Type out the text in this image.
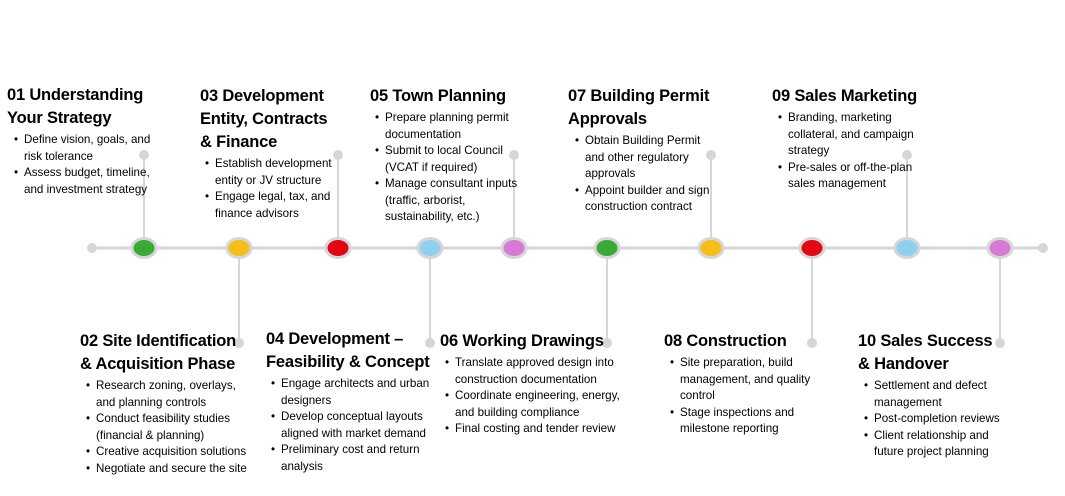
01 Understanding
Your Strategy
• Define vision, goals, and
risk tolerance
• Assess budget, timeline,
and investment strategy
02 Site Identification
& Acquisition Phase
• Research zoning, overlays,
and planning controls
• Conduct feasibility studies
(financial & planning)
• Creative acquisition solutions
• Negotiate and secure the site
03 Development
Entity, Contracts
& Finance
• Establish development
entity or JV structure
• Engage legal, tax, and
finance advisors
04 Development –
Feasibility & Concept
• Engage architects and urban
designers
• Develop conceptual layouts
aligned with market demand
• Preliminary cost and return
analysis
05 Town Planning
• Prepare planning permit
documentation
• Submit to local Council
(VCAT if required)
• Manage consultant inputs
(traffic, arborist,
sustainability, etc.)
06 Working Drawings
• Translate approved design into
construction documentation
• Coordinate engineering, energy,
and building compliance
• Final costing and tender review
07 Building Permit
Approvals
• Obtain Building Permit
and other regulatory
approvals
• Appoint builder and sign
construction contract
08 Construction
• Site preparation, build
management, and quality
control
• Stage inspections and
milestone reporting
09 Sales Marketing
• Branding, marketing
collateral, and campaign
strategy
• Pre-sales or off-the-plan
sales management
10 Sales Success
& Handover
• Settlement and defect
management
• Post-completion reviews
• Client relationship and
future project planning
